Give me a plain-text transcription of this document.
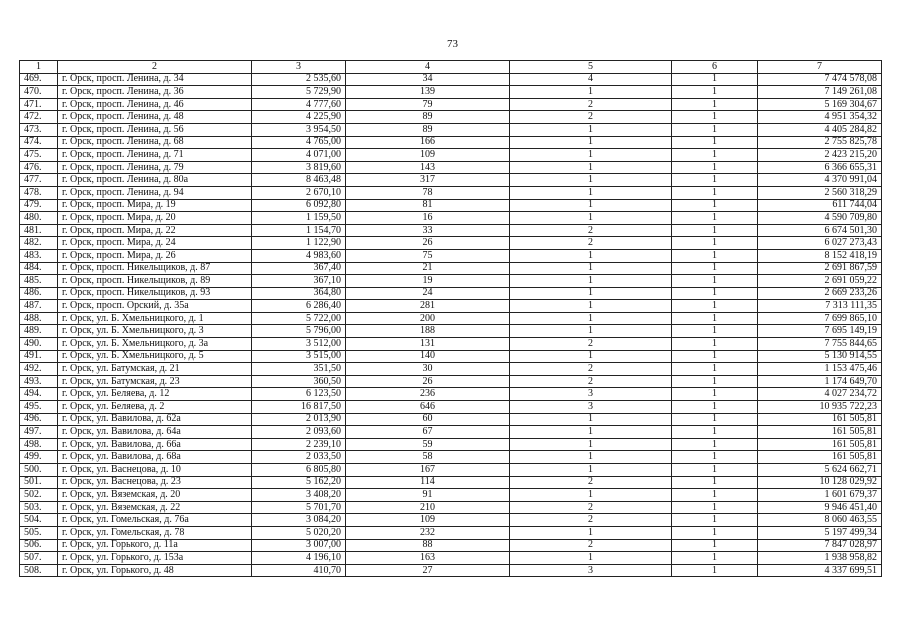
73
1	2	3	4	5	6	7
469.	г. Орск, просп. Ленина, д. 34	2 535,60	34	4	1	7 474 578,08
470.	г. Орск, просп. Ленина, д. 36	5 729,90	139	1	1	7 149 261,08
471.	г. Орск, просп. Ленина, д. 46	4 777,60	79	2	1	5 169 304,67
472.	г. Орск, просп. Ленина, д. 48	4 225,90	89	2	1	4 951 354,32
473.	г. Орск, просп. Ленина, д. 56	3 954,50	89	1	1	4 405 284,82
474.	г. Орск, просп. Ленина, д. 68	4 765,00	166	1	1	2 755 825,78
475.	г. Орск, просп. Ленина, д. 71	4 071,00	109	1	1	2 423 215,20
476.	г. Орск, просп. Ленина, д. 79	3 819,60	143	1	1	6 366 655,31
477.	г. Орск, просп. Ленина, д. 80а	8 463,48	317	1	1	4 370 991,04
478.	г. Орск, просп. Ленина, д. 94	2 670,10	78	1	1	2 560 318,29
479.	г. Орск, просп. Мира, д. 19	6 092,80	81	1	1	611 744,04
480.	г. Орск, просп. Мира, д. 20	1 159,50	16	1	1	4 590 709,80
481.	г. Орск, просп. Мира, д. 22	1 154,70	33	2	1	6 674 501,30
482.	г. Орск, просп. Мира, д. 24	1 122,90	26	2	1	6 027 273,43
483.	г. Орск, просп. Мира, д. 26	4 983,60	75	1	1	8 152 418,19
484.	г. Орск, просп. Никельщиков, д. 87	367,40	21	1	1	2 691 867,59
485.	г. Орск, просп. Никельщиков, д. 89	367,10	19	1	1	2 691 059,22
486.	г. Орск, просп. Никельщиков, д. 93	364,80	24	1	1	2 669 233,26
487.	г. Орск, просп. Орский, д. 35а	6 286,40	281	1	1	7 313 111,35
488.	г. Орск, ул. Б. Хмельницкого, д. 1	5 722,00	200	1	1	7 699 865,10
489.	г. Орск, ул. Б. Хмельницкого, д. 3	5 796,00	188	1	1	7 695 149,19
490.	г. Орск, ул. Б. Хмельницкого, д. 3а	3 512,00	131	2	1	7 755 844,65
491.	г. Орск, ул. Б. Хмельницкого, д. 5	3 515,00	140	1	1	5 130 914,55
492.	г. Орск, ул. Батумская, д. 21	351,50	30	2	1	1 153 475,46
493.	г. Орск, ул. Батумская, д. 23	360,50	26	2	1	1 174 649,70
494.	г. Орск, ул. Беляева, д. 12	6 123,50	236	3	1	4 027 234,72
495.	г. Орск, ул. Беляева, д. 2	16 817,50	646	3	1	10 935 722,23
496.	г. Орск, ул. Вавилова, д. 62а	2 013,90	60	1	1	161 505,81
497.	г. Орск, ул. Вавилова, д. 64а	2 093,60	67	1	1	161 505,81
498.	г. Орск, ул. Вавилова, д. 66а	2 239,10	59	1	1	161 505,81
499.	г. Орск, ул. Вавилова, д. 68а	2 033,50	58	1	1	161 505,81
500.	г. Орск, ул. Васнецова, д. 10	6 805,80	167	1	1	5 624 662,71
501.	г. Орск, ул. Васнецова, д. 23	5 162,20	114	2	1	10 128 029,92
502.	г. Орск, ул. Вяземская, д. 20	3 408,20	91	1	1	1 601 679,37
503.	г. Орск, ул. Вяземская, д. 22	5 701,70	210	2	1	9 946 451,40
504.	г. Орск, ул. Гомельская, д. 76а	3 084,20	109	2	1	8 060 463,55
505.	г. Орск, ул. Гомельская, д. 78	5 020,20	232	1	1	5 197 499,34
506.	г. Орск, ул. Горького, д. 11а	3 007,00	88	2	1	7 847 028,97
507.	г. Орск, ул. Горького, д. 153а	4 196,10	163	1	1	1 938 958,82
508.	г. Орск, ул. Горького, д. 48	410,70	27	3	1	4 337 699,51
